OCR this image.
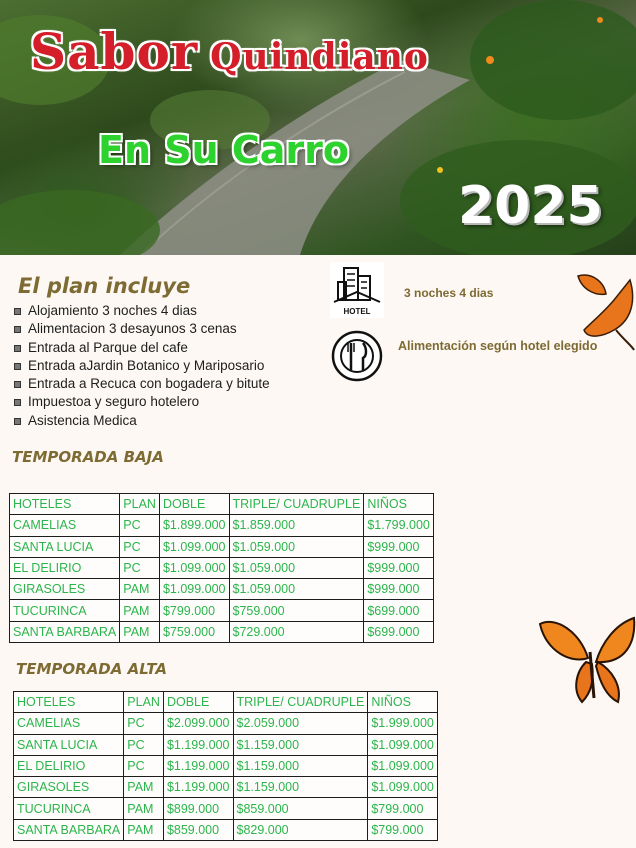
Sabor Quindiano
En Su Carro
2025
El plan incluye
Alojamiento 3 noches 4 dias
Alimentacion 3 desayunos 3 cenas
Entrada al Parque del cafe
Entrada aJardin Botanico y Mariposario
Entrada a Recuca con bogadera y bitute
Impuestoa y seguro hotelero
Asistencia Medica
HOTEL
3 noches 4 dias
Alimentación según hotel elegido
TEMPORADA BAJA
HOTELES	PLAN	DOBLE	TRIPLE/ CUADRUPLE	NIÑOS
CAMELIAS	PC	$1.899.000	$1.859.000	$1.799.000
SANTA LUCIA	PC	$1.099.000	$1.059.000	$999.000
EL DELIRIO	PC	$1.099.000	$1.059.000	$999.000
GIRASOLES	PAM	$1.099.000	$1.059.000	$999.000
TUCURINCA	PAM	$799.000	$759.000	$699.000
SANTA BARBARA	PAM	$759.000	$729.000	$699.000
TEMPORADA ALTA
HOTELES	PLAN	DOBLE	TRIPLE/ CUADRUPLE	NIÑOS
CAMELIAS	PC	$2.099.000	$2.059.000	$1.999.000
SANTA LUCIA	PC	$1.199.000	$1.159.000	$1.099.000
EL DELIRIO	PC	$1.199.000	$1.159.000	$1.099.000
GIRASOLES	PAM	$1.199.000	$1.159.000	$1.099.000
TUCURINCA	PAM	$899.000	$859.000	$799.000
SANTA BARBARA	PAM	$859.000	$829.000	$799.000
